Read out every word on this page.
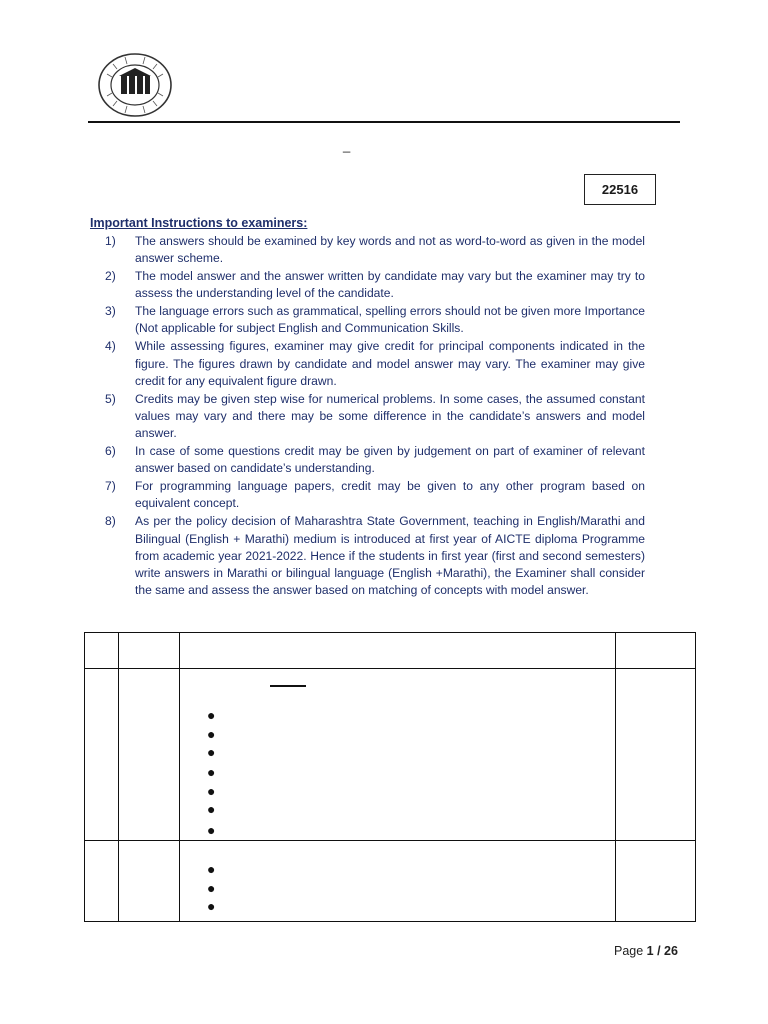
_
22516
Important Instructions to examiners:
1)	The answers should be examined by key words and not as word-to-word as given in the model answer scheme.
2)	The model answer and the answer written by candidate may vary but the examiner may try to assess the understanding level of the candidate.
3)	The language errors such as grammatical, spelling errors should not be given more Importance (Not applicable for subject English and Communication Skills.
4)	While assessing figures, examiner may give credit for principal components indicated in the figure. The figures drawn by candidate and model answer may vary. The examiner may give credit for any equivalent figure drawn.
5)	Credits may be given step wise for numerical problems. In some cases, the assumed constant values may vary and there may be some difference in the candidate’s answers and model answer.
6)	In case of some questions credit may be given by judgement on part of examiner of relevant answer based on candidate’s understanding.
7)	For programming language papers, credit may be given to any other program based on equivalent concept.
8)	As per the policy decision of Maharashtra State Government, teaching in English/Marathi and Bilingual (English + Marathi) medium is introduced at first year of AICTE diploma Programme from academic year 2021-2022. Hence if the students in first year (first and second semesters) write answers in Marathi or bilingual language (English +Marathi), the Examiner shall consider the same and assess the answer based on matching of concepts with model answer.
●
●
●
●
●
●
●
●
●
●
Page 1 / 26
